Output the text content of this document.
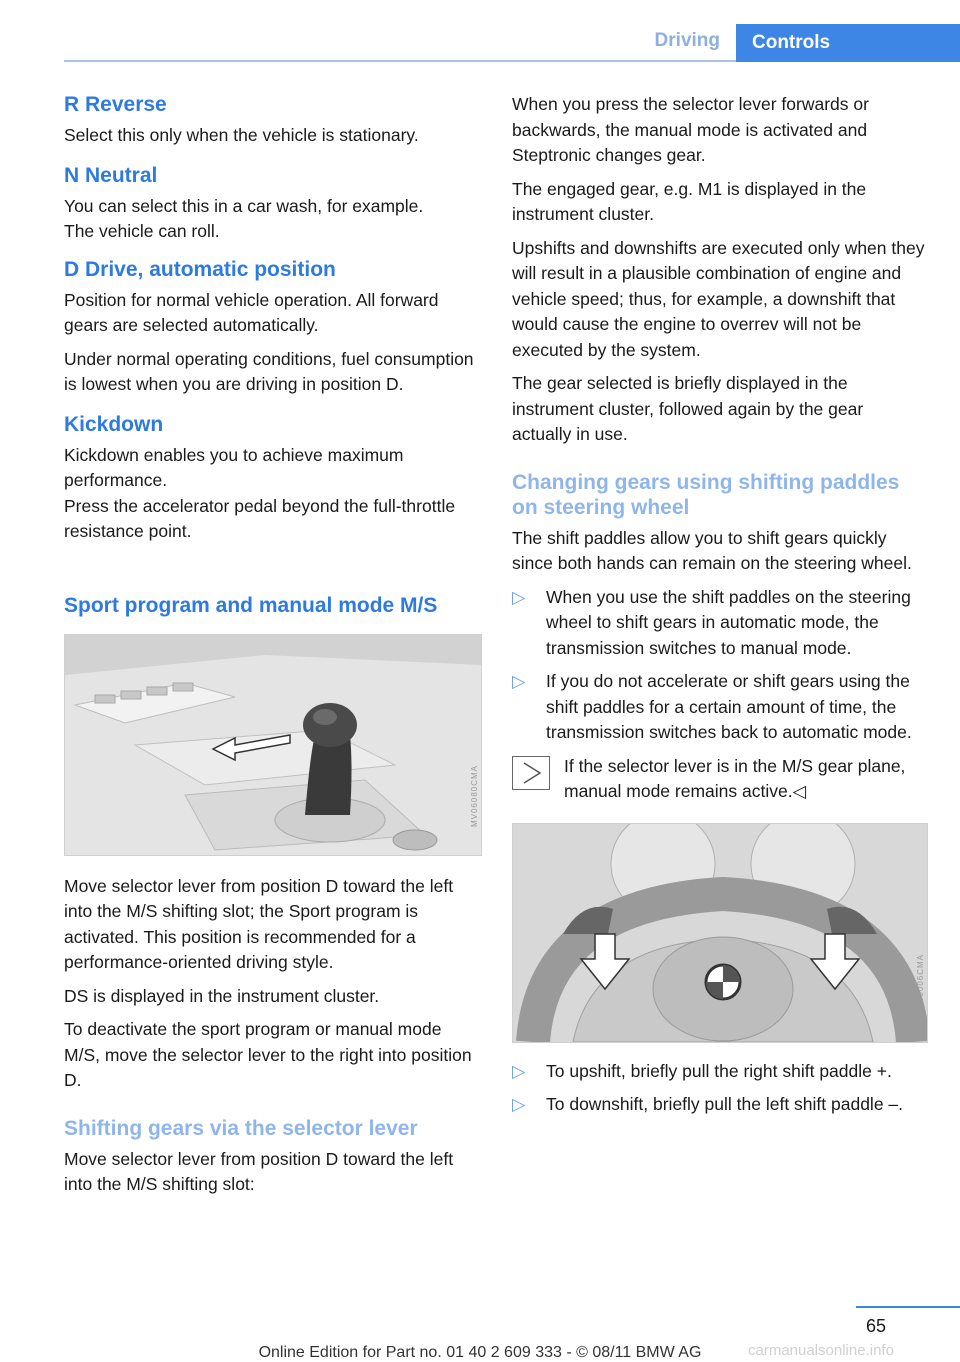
Driving	Controls
R Reverse

Select this only when the vehicle is stationary.

N Neutral

You can select this in a car wash, for example.
The vehicle can roll.

D Drive, automatic position

Position for normal vehicle operation. All forward gears are selected automatically.

Under normal operating conditions, fuel consumption is lowest when you are driving in position D.

Kickdown

Kickdown enables you to achieve maximum performance.
Press the accelerator pedal beyond the full-throttle resistance point.

Sport program and manual mode M/S
MV06080CMA

Move selector lever from position D toward the left into the M/S shifting slot; the Sport program is activated. This position is recommended for a performance-oriented driving style.

DS is displayed in the instrument cluster.

To deactivate the sport program or manual mode M/S, move the selector lever to the right into position D.

Shifting gears via the selector lever

Move selector lever from position D toward the left into the M/S shifting slot:

When you press the selector lever forwards or backwards, the manual mode is activated and Steptronic changes gear.

The engaged gear, e.g. M1 is displayed in the instrument cluster.

Upshifts and downshifts are executed only when they will result in a plausible combination of engine and vehicle speed; thus, for example, a downshift that would cause the engine to overrev will not be executed by the system.

The gear selected is briefly displayed in the instrument cluster, followed again by the gear actually in use.

Changing gears using shifting paddles on steering wheel

The shift paddles allow you to shift gears quickly since both hands can remain on the steering wheel.

▷ When you use the shift paddles on the steering wheel to shift gears in automatic mode, the transmission switches to manual mode.
▷ If you do not accelerate or shift gears using the shift paddles for a certain amount of time, the transmission switches back to automatic mode.

If the selector lever is in the M/S gear plane, manual mode remains active.◁

MV00006CMA
▷ To upshift, briefly pull the right shift paddle +.
▷ To downshift, briefly pull the left shift paddle –.
65
Online Edition for Part no. 01 40 2 609 333 - © 08/11 BMW AG	carmanualsonline.info
